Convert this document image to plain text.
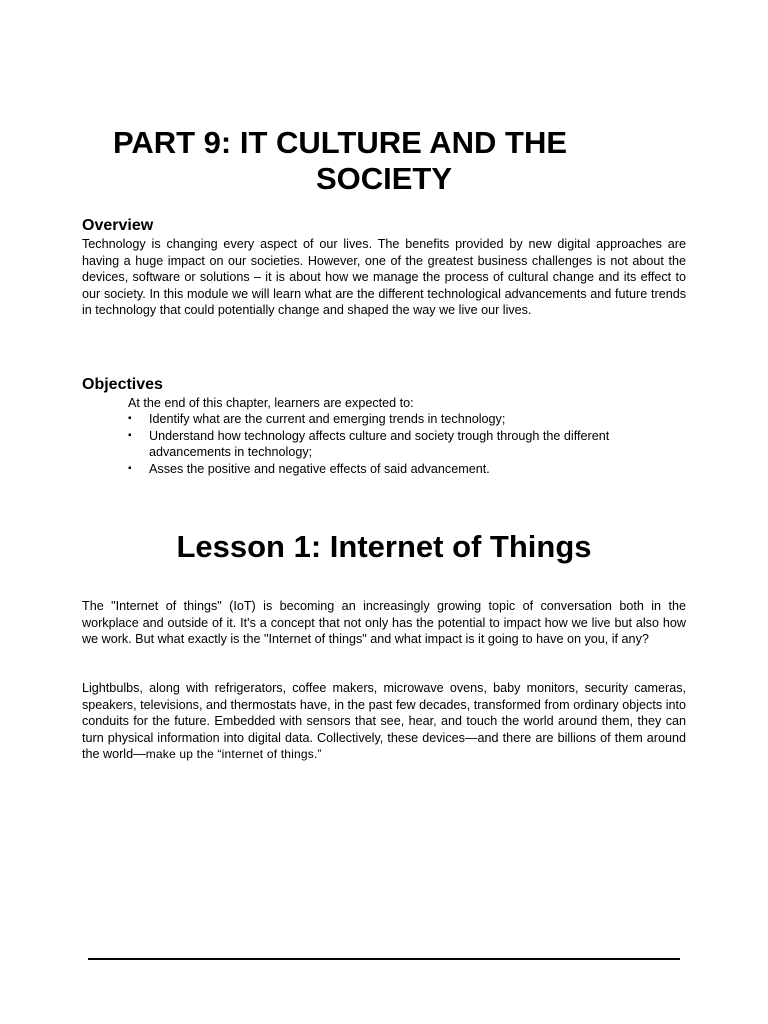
PART 9: IT CULTURE AND THE
SOCIETY
Overview

Technology is changing every aspect of our lives. The benefits provided by new digital approaches are having a huge impact on our societies. However, one of the greatest business challenges is not about the devices, software or solutions – it is about how we manage the process of cultural change and its effect to our society. In this module we will learn what are the different technological advancements and future trends in technology that could potentially change and shaped the way we live our lives.

Objectives

At the end of this chapter, learners are expected to:

▪ Identify what are the current and emerging trends in technology;
▪ Understand how technology affects culture and society trough through the different advancements in technology;
▪ Asses the positive and negative effects of said advancement.
Lesson 1: Internet of Things

The "Internet of things" (IoT) is becoming an increasingly growing topic of conversation both in the workplace and outside of it. It's a concept that not only has the potential to impact how we live but also how we work. But what exactly is the "Internet of things" and what impact is it going to have on you, if any?

Lightbulbs, along with refrigerators, coffee makers, microwave ovens, baby monitors, security cameras, speakers, televisions, and thermostats have, in the past few decades, transformed from ordinary objects into conduits for the future. Embedded with sensors that see, hear, and touch the world around them, they can turn physical information into digital data. Collectively, these devices—and there are billions of them around the world—make up the “internet of things.”
